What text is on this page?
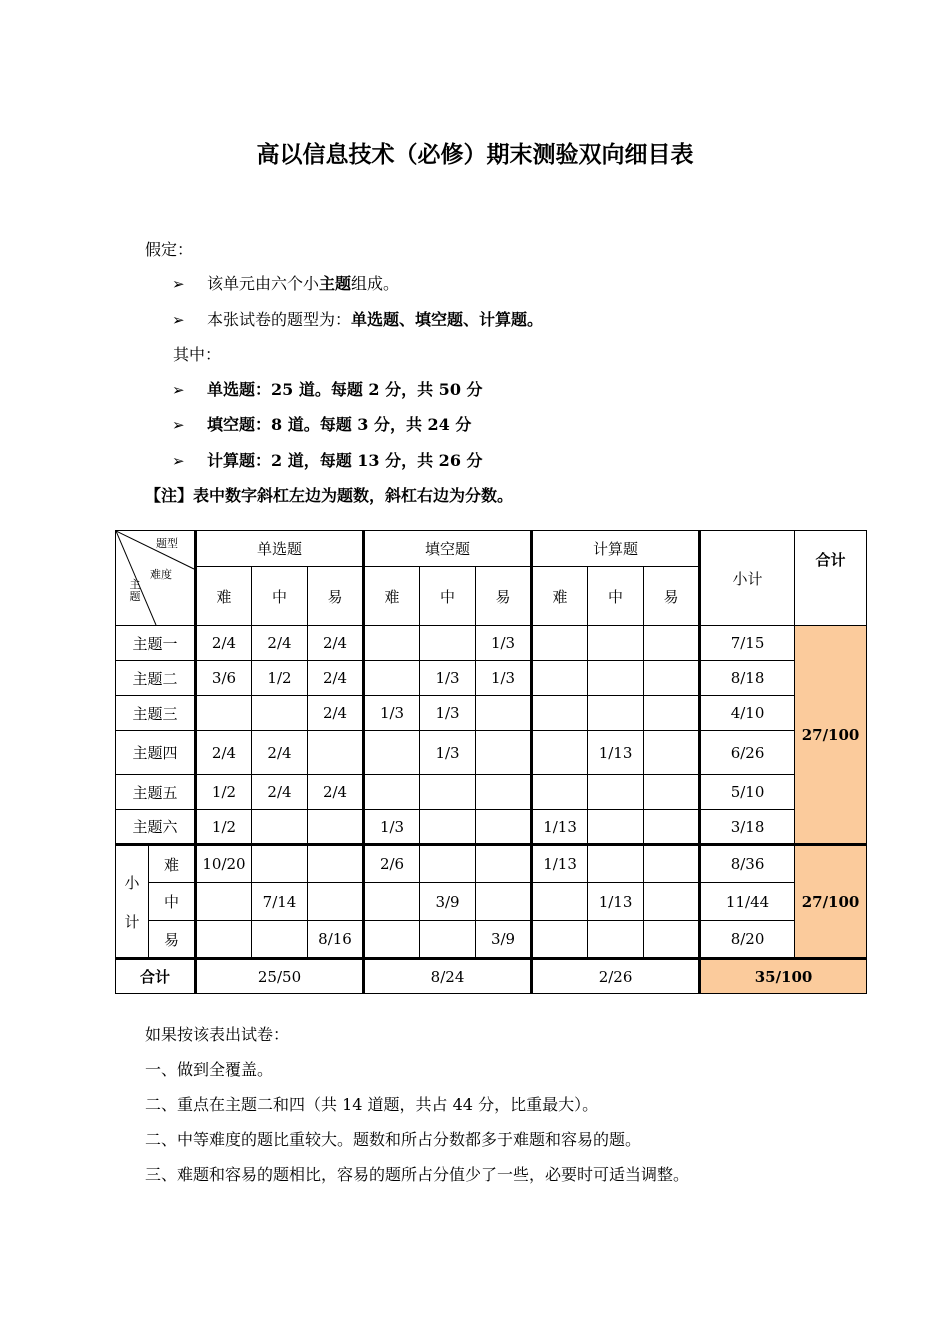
高以信息技术（必修）期末测验双向细目表
假定：
➢ 该单元由六个小主题组成。
➢ 本张试卷的题型为：单选题、填空题、计算题。
其中：
➢ 单选题：25 道。每题 2 分，共 50 分
➢ 填空题：8 道。每题 3 分，共 24 分
➢ 计算题：2 道，每题 13 分，共 26 分
【注】表中数字斜杠左边为题数，斜杠右边为分数。
题型
难度
主题		单选题			填空题			计算题			小计	合计
		难	中	易	难	中	易	难	中	易		
主题一		2/4	2/4	2/4			1/3				7/15	27/100
主题二		3/6	1/2	2/4		1/3	1/3				8/18	
主题三				2/4	1/3	1/3					4/10	
主题四		2/4	2/4			1/3			1/13		6/26	
主题五		1/2	2/4	2/4							5/10	
主题六		1/2			1/3			1/13			3/18	

小
计	难	10/20			2/6			1/13			8/36	27/100
	中		7/14			3/9			1/13		11/44	
	易			8/16			3/9				8/20	
合计		25/50			8/24			2/26			35/100	
如果按该表出试卷：
一、做到全覆盖。
二、重点在主题二和四（共 14 道题，共占 44 分，比重最大）。
二、中等难度的题比重较大。题数和所占分数都多于难题和容易的题。
三、难题和容易的题相比，容易的题所占分值少了一些，必要时可适当调整。
